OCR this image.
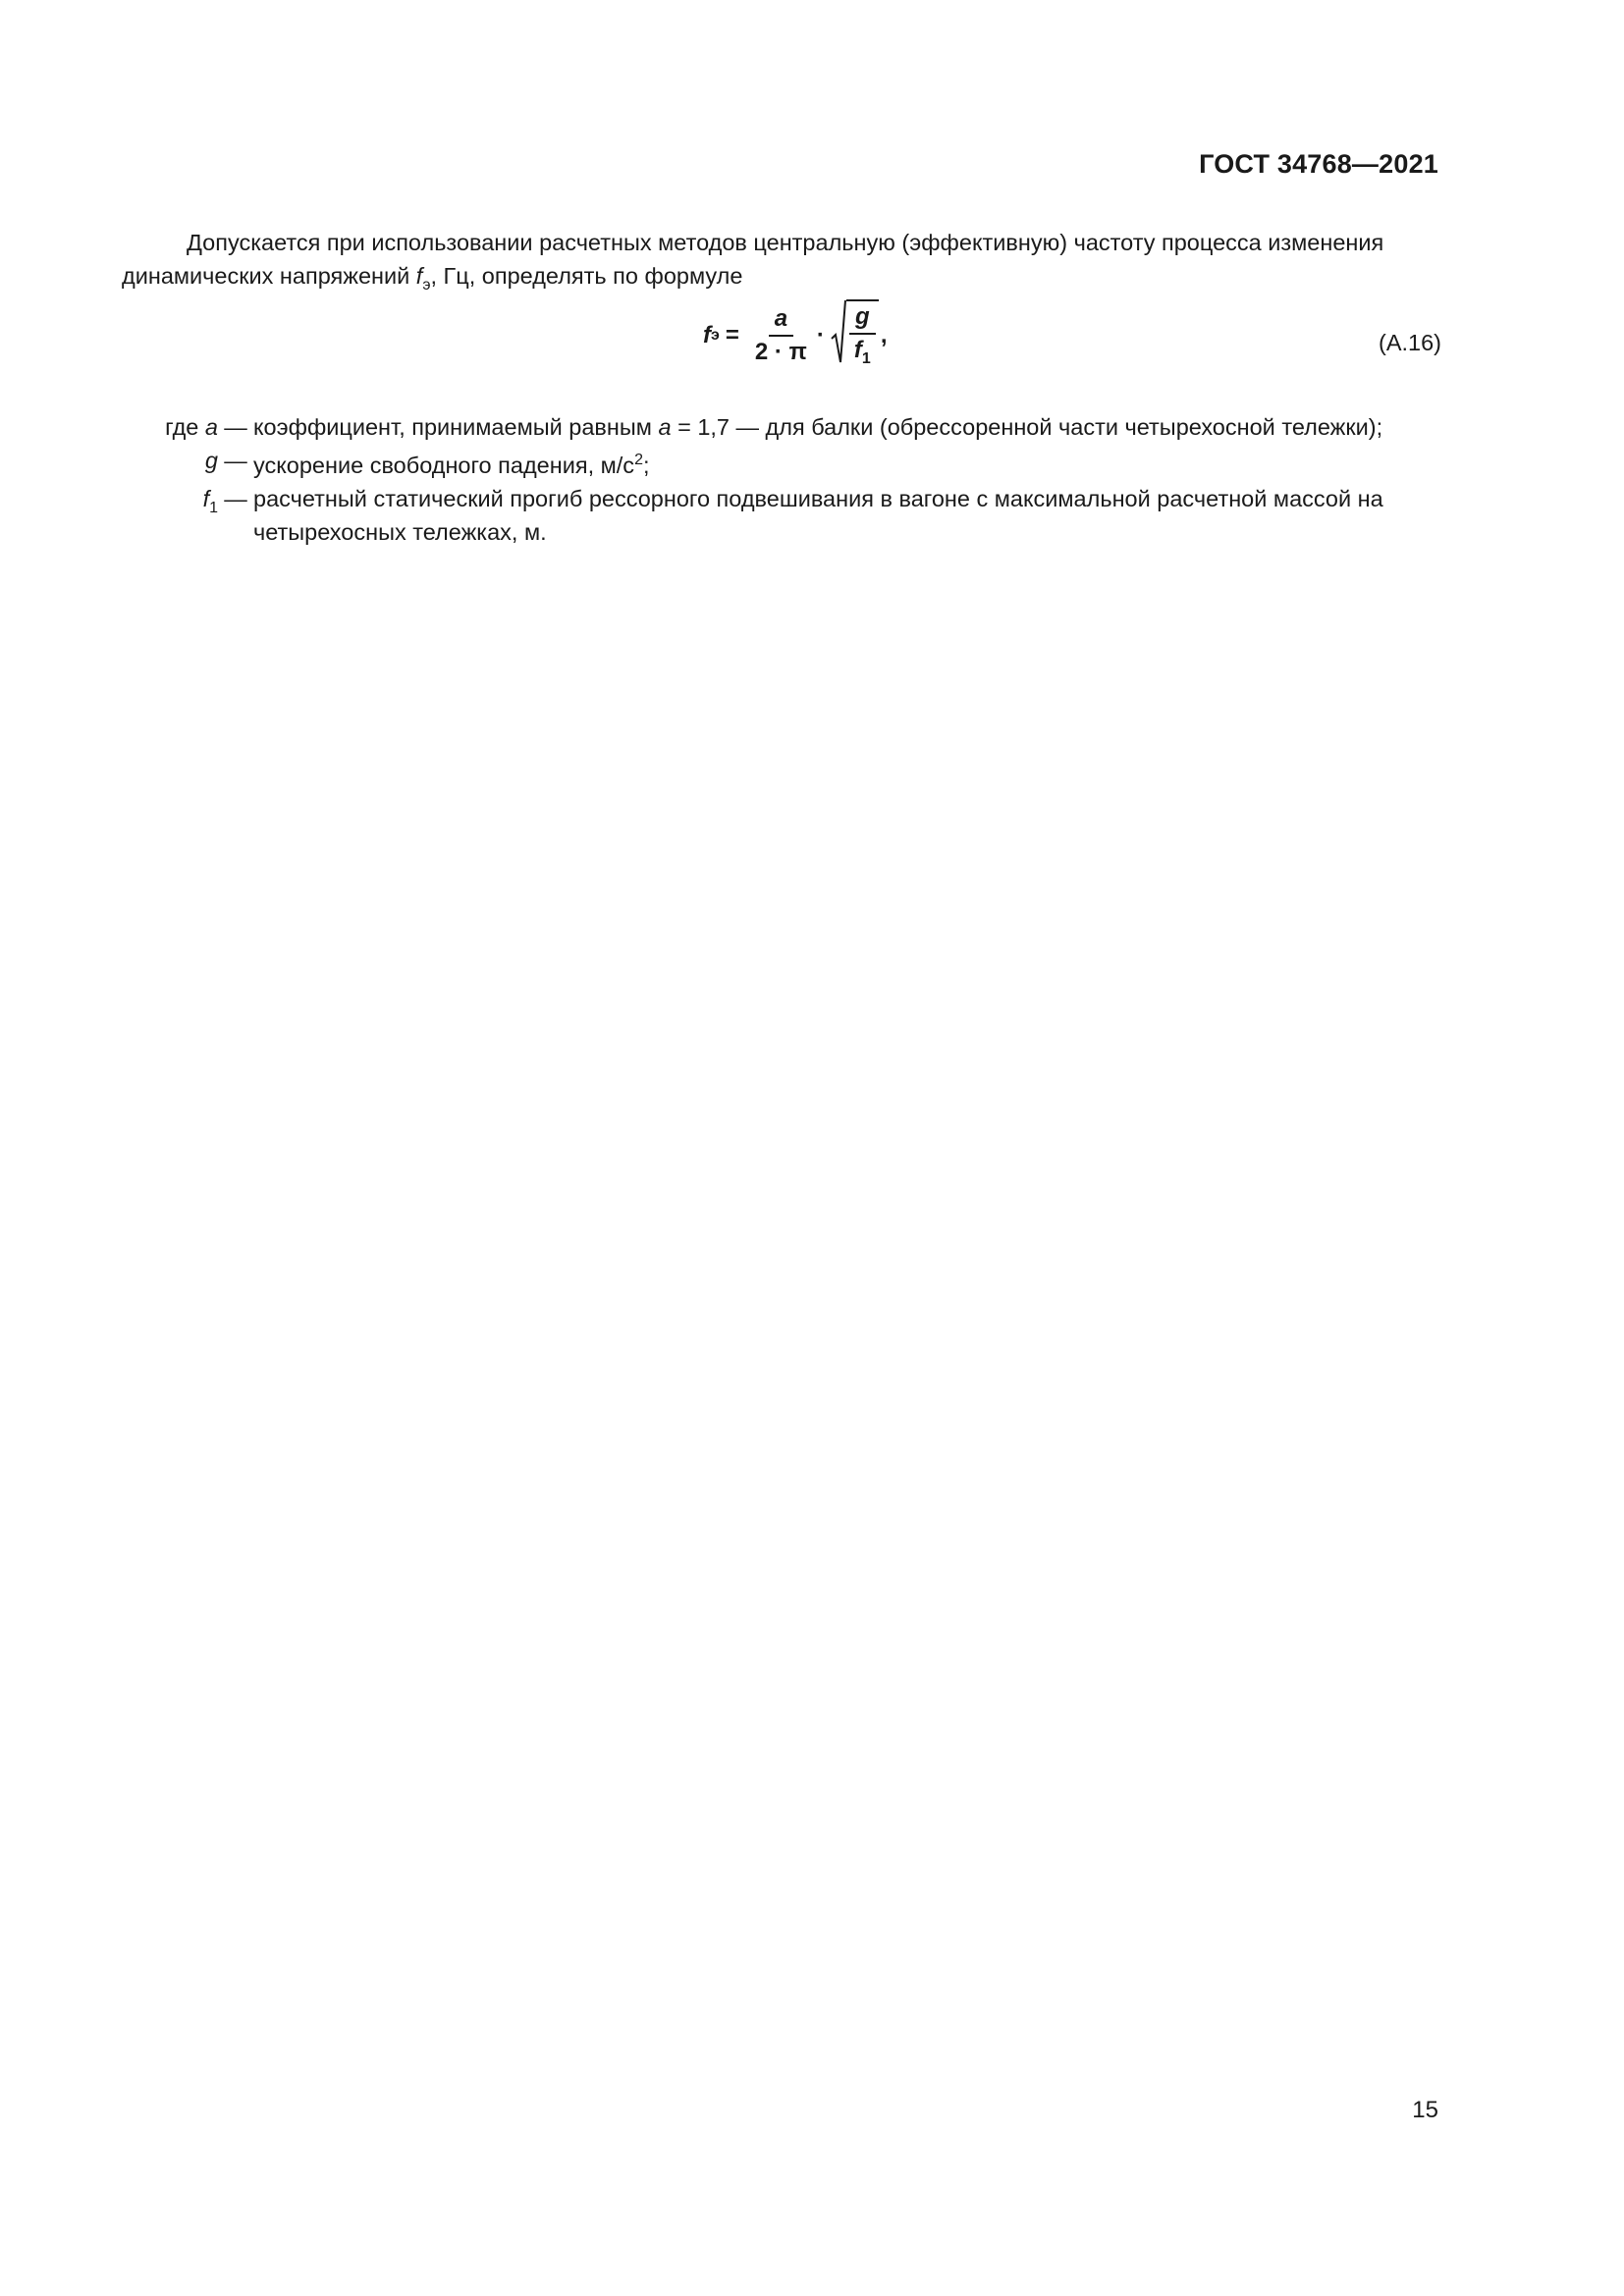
ГОСТ 34768—2021
Допускается при использовании расчетных методов центральную (эффективную) частоту процесса изменения динамических напряжений $f_э$, Гц, определять по формуле
f $э = \frac{a}{2 \cdot \pi} \cdot \frac{g}{f_1}$ ,	(А.16)
где a — коэффициент, принимаемый равным a = 1,7 — для балки (обрессоренной части четырехосной тележки);
g — ускорение свободного падения, $м/с^2$;
$f_1$ — расчетный статический прогиб рессорного подвешивания в вагоне с максимальной расчетной массой на четырехосных тележках, м.
15
